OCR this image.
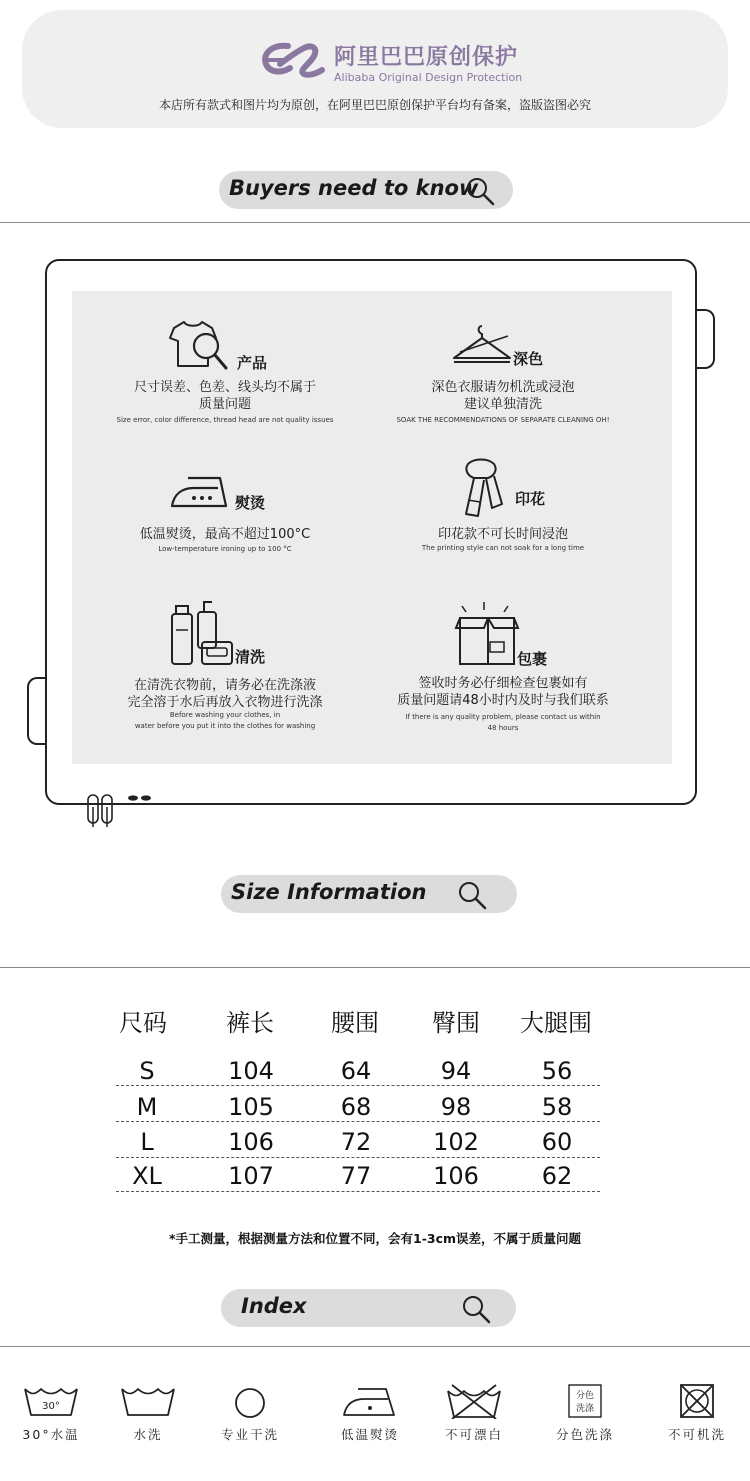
阿里巴巴原创保护
Alibaba Original Design Protection
本店所有款式和图片均为原创，在阿里巴巴原创保护平台均有备案，盗版盗图必究
Buyers need to know
产品
尺寸误差、色差、线头均不属于
质量问题
Size error, color difference, thread head are not quality issues
深色
深色衣服请勿机洗或浸泡
建议单独清洗
SOAK THE RECOMMENDATIONS OF SEPARATE CLEANING OH!
熨烫
低温熨烫，最高不超过100°C
Low-temperature ironing up to 100 °C
印花
印花款不可长时间浸泡
The printing style can not soak for a long time
清洗
在清洗衣物前，请务必在洗涤液
完全溶于水后再放入衣物进行洗涤
Before washing your clothes, in
water before you put it into the clothes for washing
包裹
签收时务必仔细检查包裹如有
质量问题请48小时内及时与我们联系
If there is any quality problem, please contact us within
48 hours
Size Information
尺码 裤长 腰围 臀围 大腿围
S	104	64	94	56
M	105	68	98	58
L	106	72	102	60
XL	107	77	106	62
*手工测量，根据测量方法和位置不同，会有1-3cm误差，不属于质量问题
Index
30°
30°水温	水洗	专业干洗	低温熨烫	不可漂白
分色
洗涤
分色洗涤	不可机洗
